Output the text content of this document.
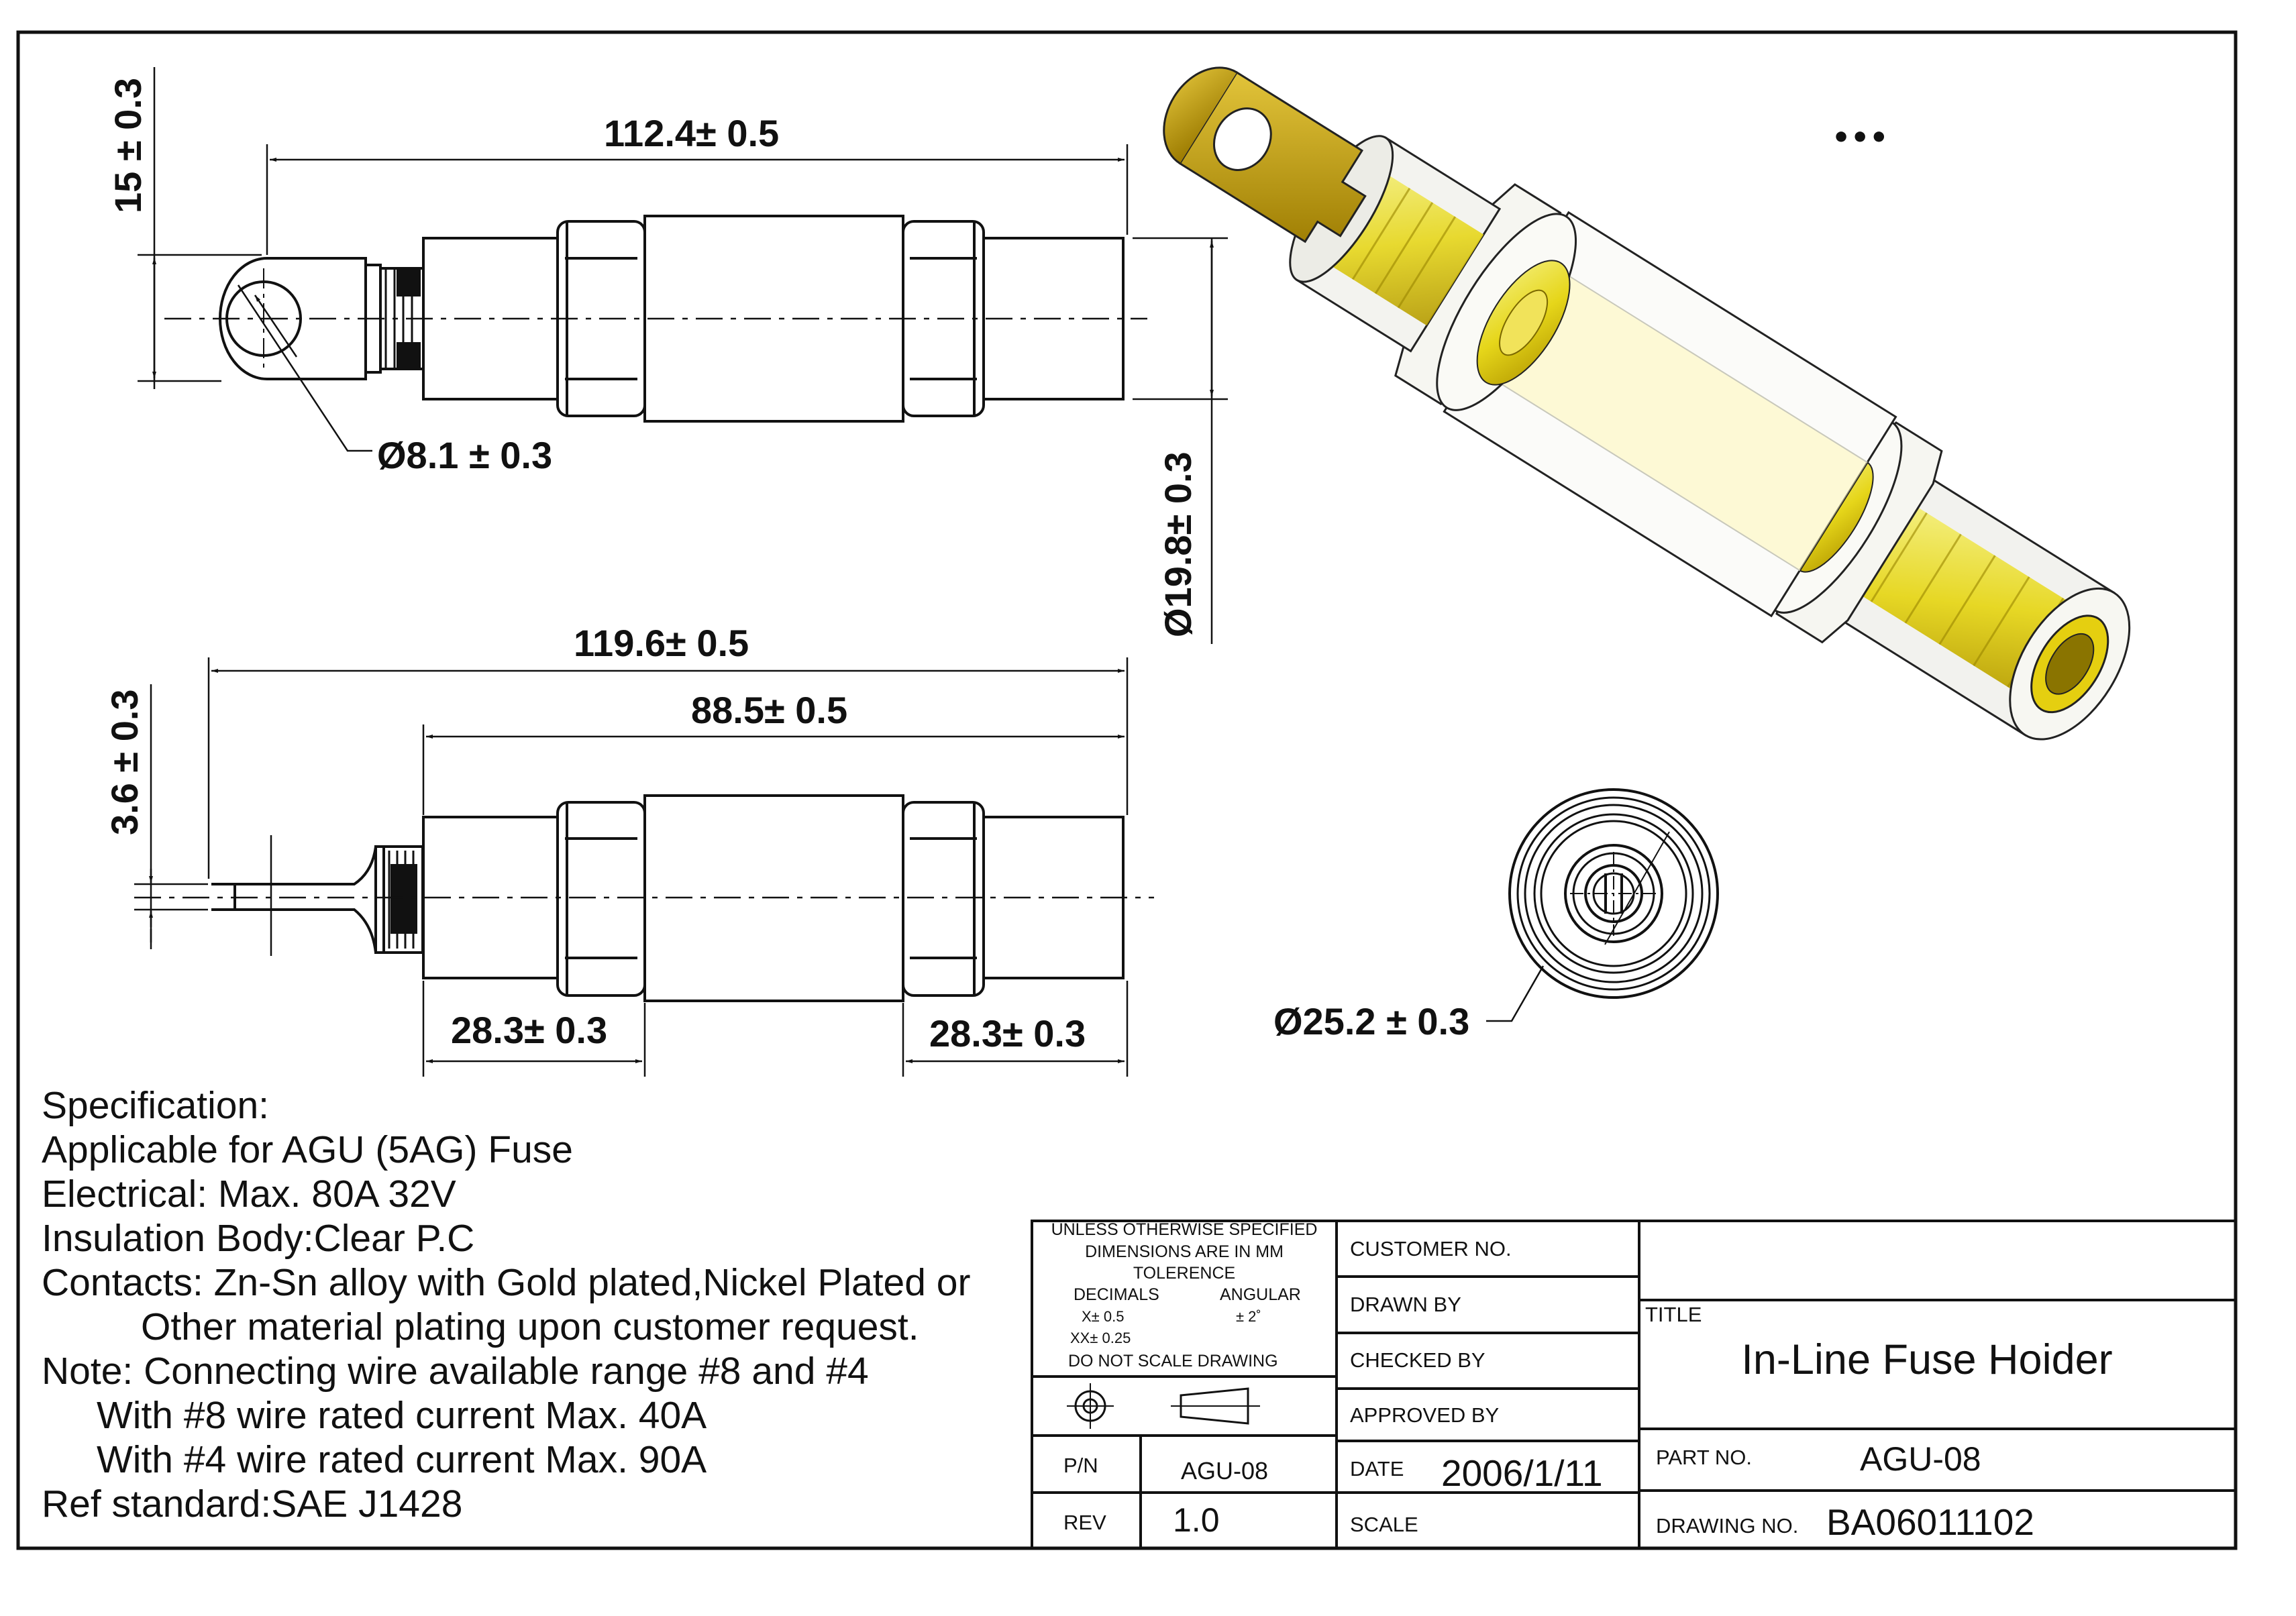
112.4± 0.5
15 ± 0.3
Ø8.1 ± 0.3	Ø19.8± 0.3
119.6± 0.5
88.5± 0.5
3.6 ± 0.3
28.3± 0.3	28.3± 0.3	Ø25.2 ± 0.3
•••
UNLESS OTHERWISE SPECIFIED
DIMENSIONS ARE IN MM
TOLERENCE
DECIMALS	ANGULAR
X± 0.5	± 2˚
XX± 0.25
DO NOT SCALE DRAWING
P/N	AGU-08
REV 1.0
CUSTOMER NO.
DRAWN BY
CHECKED BY
APPROVED BY
DATE 2006/1/11
SCALE
TITLE
In-Line Fuse Hoider
PART NO.	AGU-08
DRAWING NO. BA06011102
Specification:
Applicable for AGU (5AG) Fuse
Electrical: Max. 80A 32V
Insulation Body:Clear P.C
Contacts: Zn-Sn alloy with Gold plated,Nickel Plated or
Other material plating upon customer request.
Note: Connecting wire available range #8 and #4
With #8 wire rated current Max. 40A
With #4 wire rated current Max. 90A
Ref standard:SAE J1428
